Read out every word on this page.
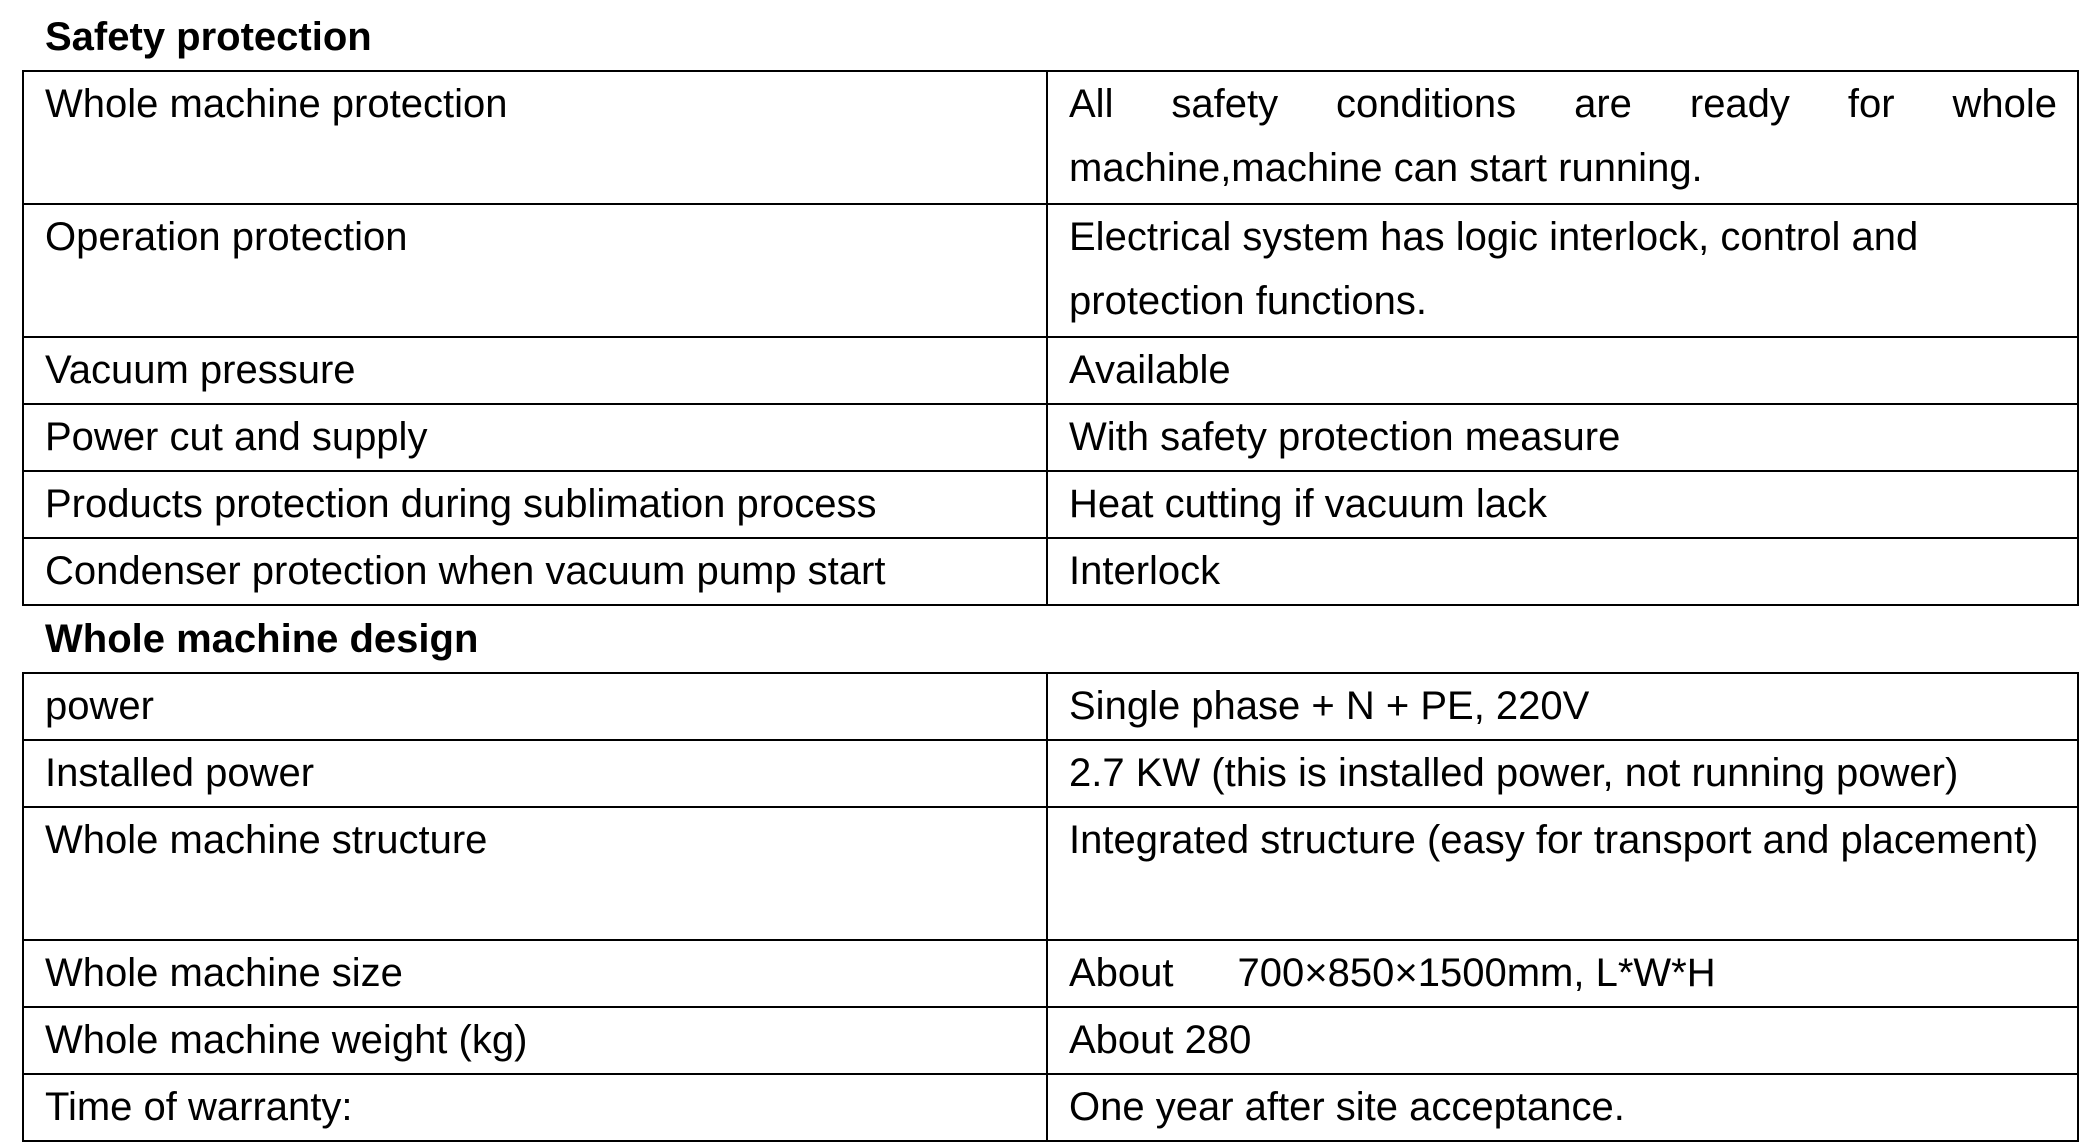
Safety protection
Whole machine protection	All safety conditions are ready for whole machine,machine can start running.
Operation protection	Electrical system has logic interlock, control and protection functions.
Vacuum pressure	Available
Power cut and supply	With safety protection measure
Products protection during sublimation process	Heat cutting if vacuum lack
Condenser protection when vacuum pump start	Interlock
Whole machine design
power	Single phase + N + PE, 220V
Installed power	2.7 KW (this is installed power, not running power)
Whole machine structure	Integrated structure (easy for transport and placement)
Whole machine size	About 700×850×1500mm, L*W*H
Whole machine weight (kg)	About 280
Time of warranty:	One year after site acceptance.
